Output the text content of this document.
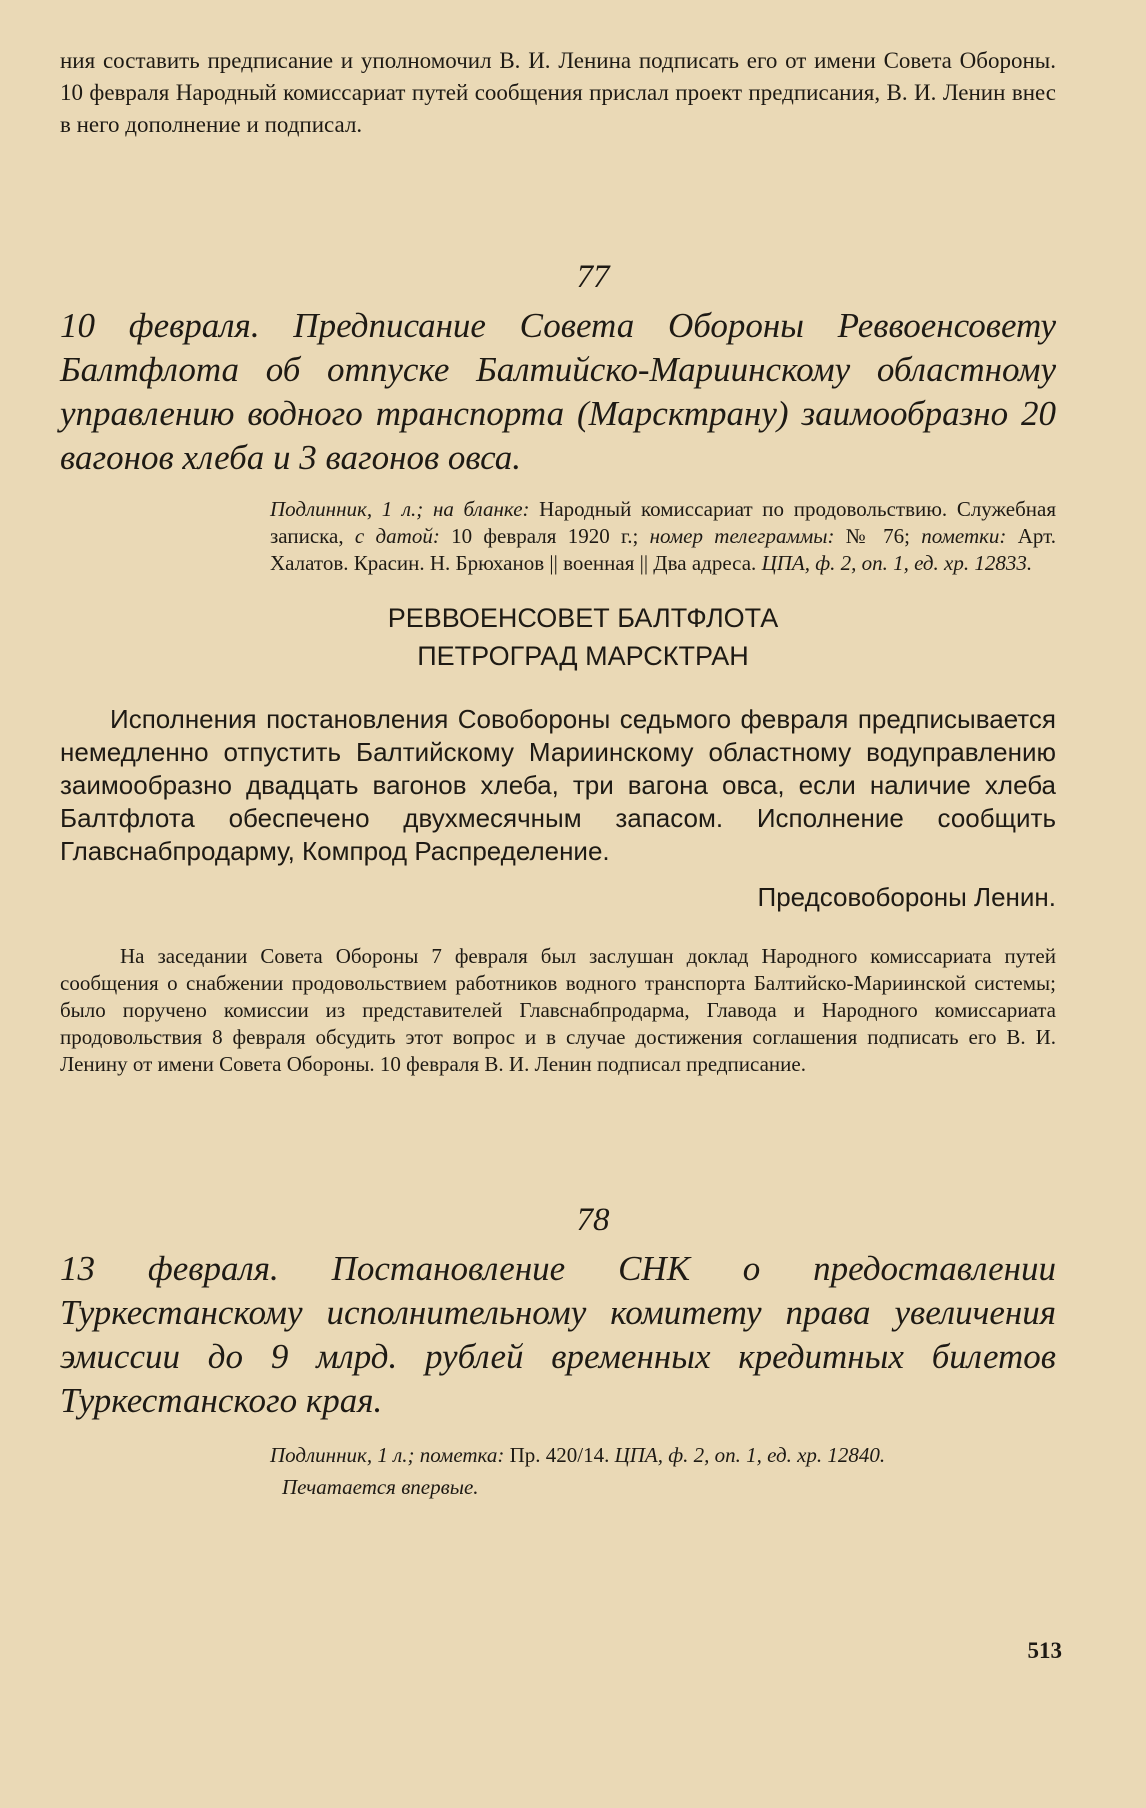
ния составить предписание и уполномочил В. И. Ленина подписать его от имени Совета Обороны. 10 февраля Народный комиссариат путей сообщения прислал проект предписания, В. И. Ленин внес в него дополнение и подписал.

77

10 февраля. Предписание Совета Обороны Реввоенсовету Балтфлота об отпуске Балтийско-Мариинскому областному управлению водного транспорта (Марсктрану) заимообразно 20 вагонов хлеба и 3 вагонов овса.

Подлинник, 1 л.; на бланке: Народный комиссариат по продовольствию. Служебная записка, с датой: 10 февраля 1920 г.; номер телеграммы: № 76; пометки: Арт. Халатов. Красин. Н. Брюханов || военная || Два адреса. ЦПА, ф. 2, оп. 1, ед. хр. 12833.

РЕВВОЕНСОВЕТ БАЛТФЛОТА
ПЕТРОГРАД МАРСКТРАН

Исполнения постановления Совобороны седьмого февраля предписывается немедленно отпустить Балтийскому Мариинскому областному водуправлению заимообразно двадцать вагонов хлеба, три вагона овса, если наличие хлеба Балтфлота обеспечено двухмесячным запасом. Исполнение сообщить Главснабпродарму, Компрод Распределение.

Предсовобороны Ленин.

На заседании Совета Обороны 7 февраля был заслушан доклад Народного комиссариата путей сообщения о снабжении продовольствием работников водного транспорта Балтийско-Мариинской системы; было поручено комиссии из представителей Главснабпродарма, Главода и Народного комиссариата продовольствия 8 февраля обсудить этот вопрос и в случае достижения соглашения подписать его В. И. Ленину от имени Совета Обороны. 10 февраля В. И. Ленин подписал предписание.

78

13 февраля. Постановление СНК о предоставлении Туркестанскому исполнительному комитету права увеличения эмиссии до 9 млрд. рублей временных кредитных билетов Туркестанского края.

Подлинник, 1 л.; пометка: Пр. 420/14. ЦПА, ф. 2, оп. 1, ед. хр. 12840.

Печатается впервые.

513
